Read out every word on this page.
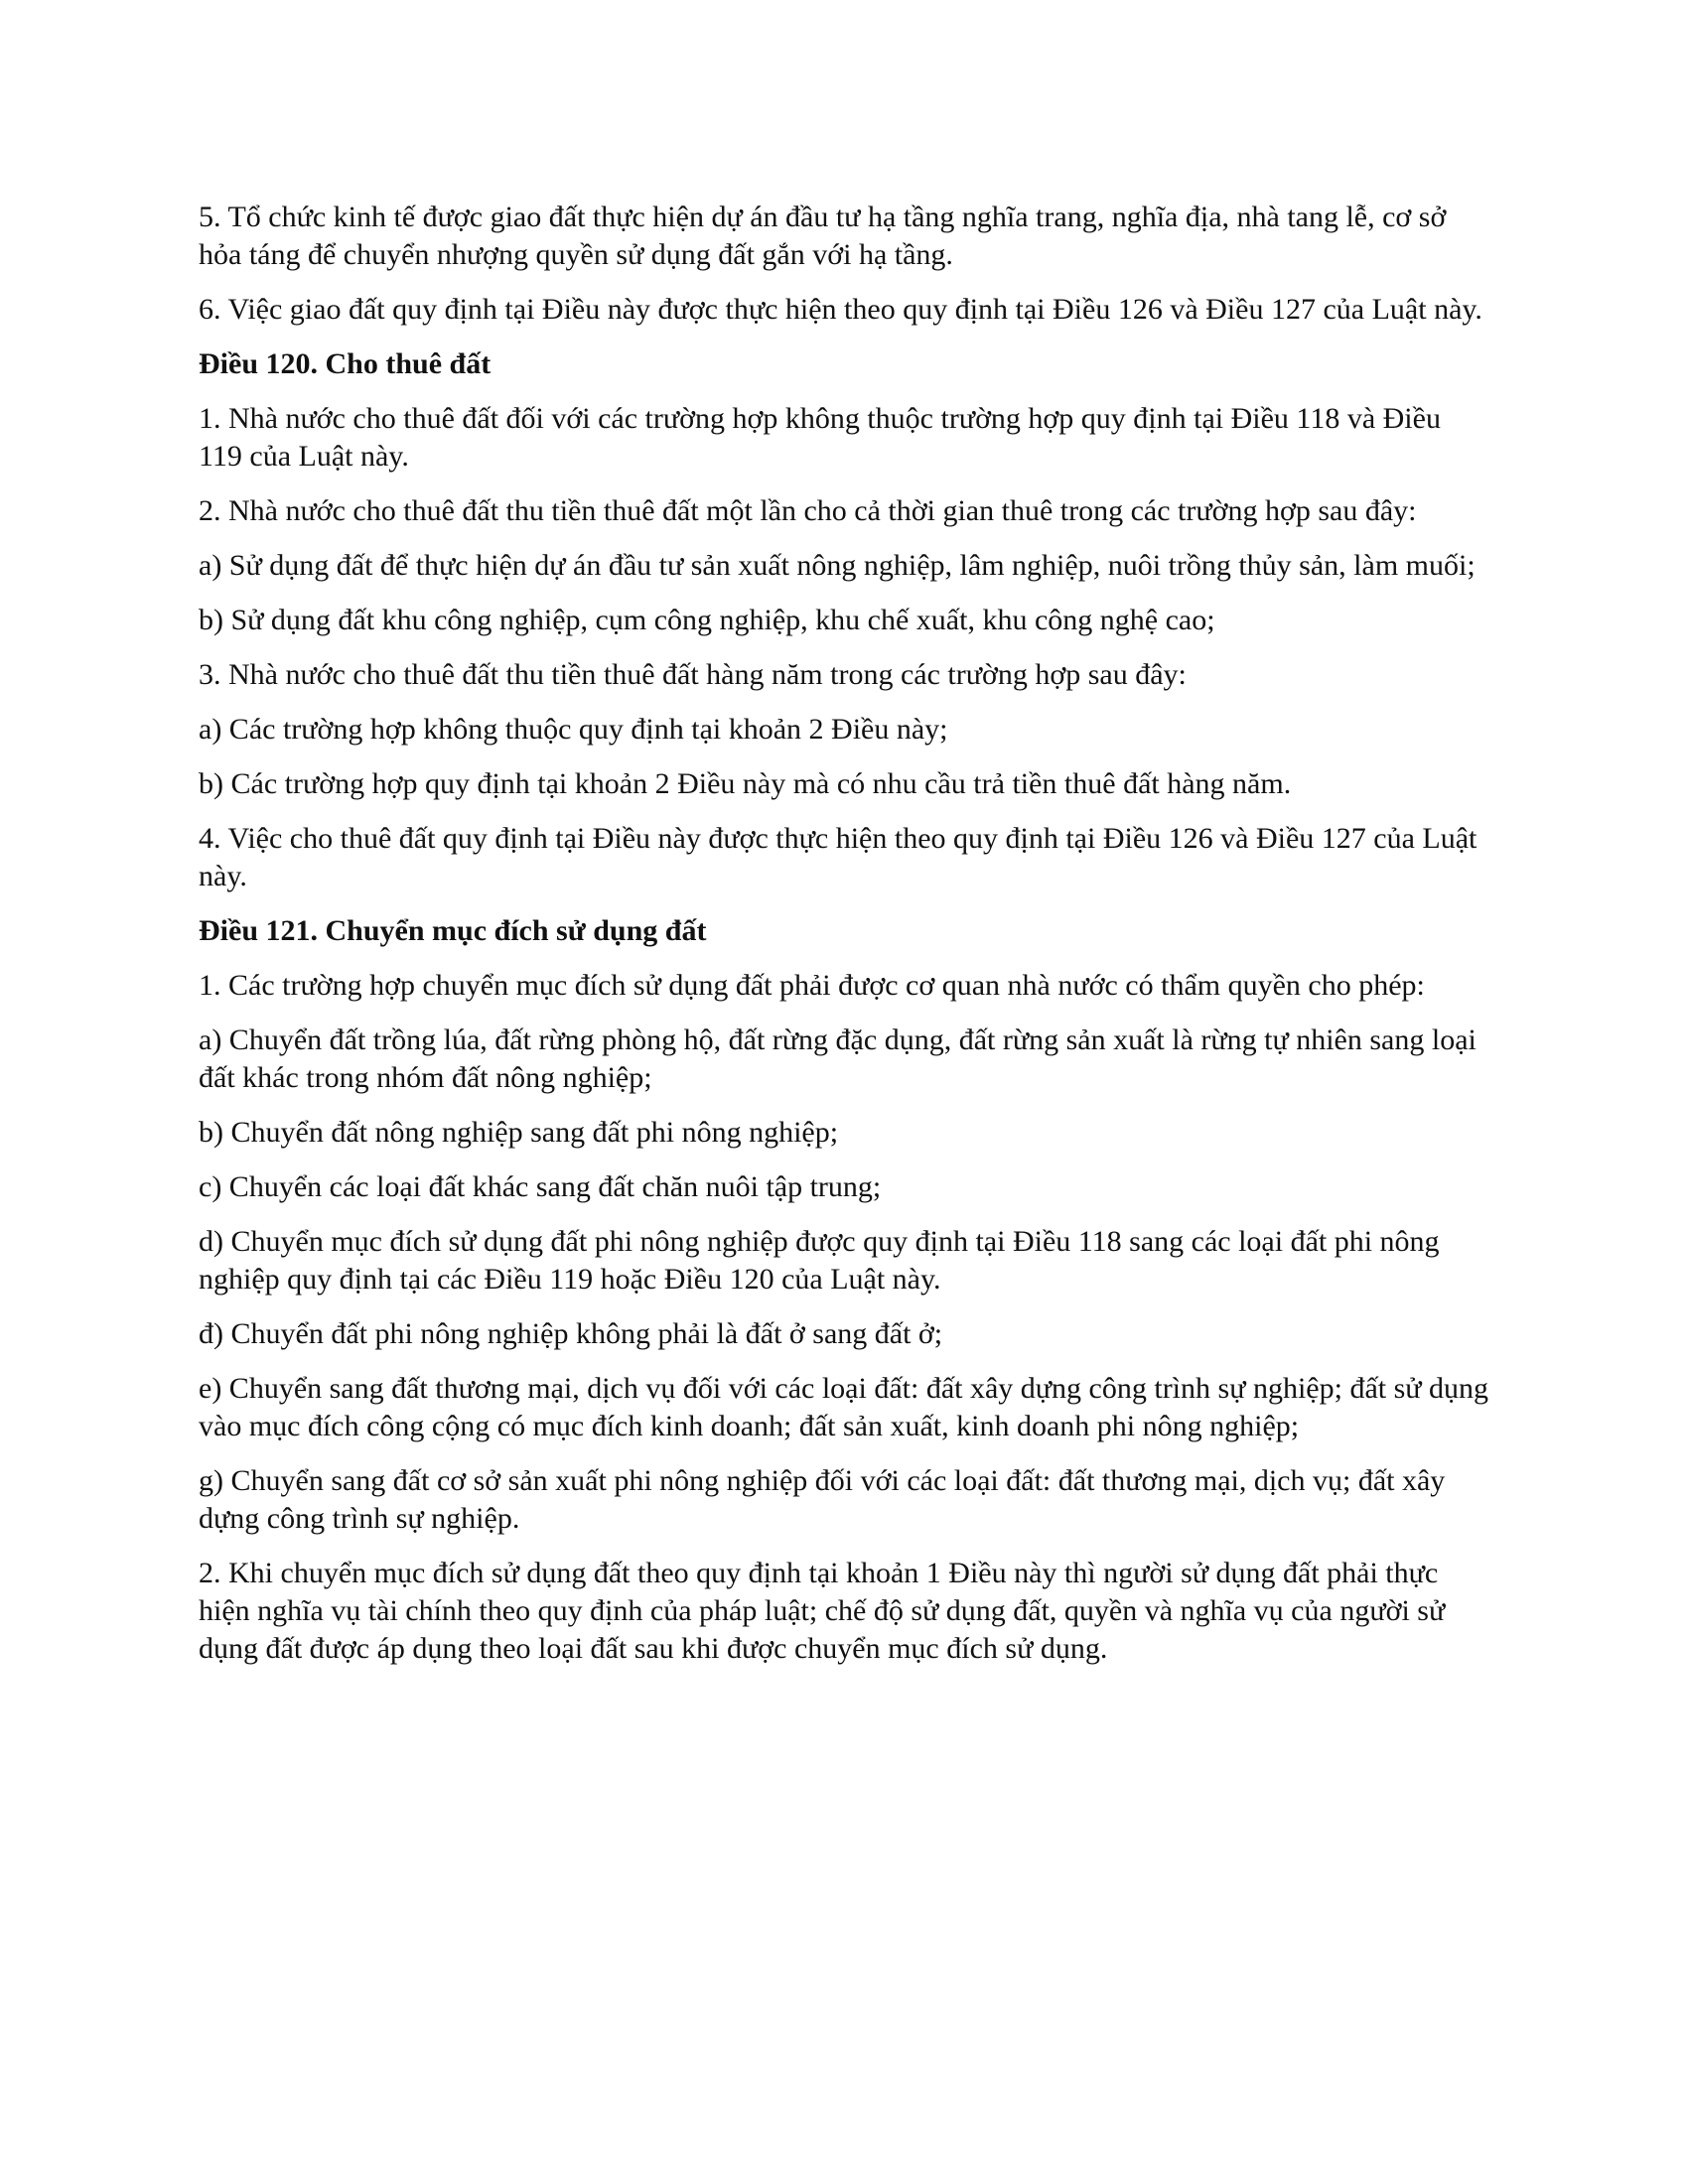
5. Tổ chức kinh tế được giao đất thực hiện dự án đầu tư hạ tầng nghĩa trang, nghĩa địa, nhà tang lễ, cơ sở hỏa táng để chuyển nhượng quyền sử dụng đất gắn với hạ tầng.

6. Việc giao đất quy định tại Điều này được thực hiện theo quy định tại Điều 126 và Điều 127 của Luật này.

Điều 120. Cho thuê đất

1. Nhà nước cho thuê đất đối với các trường hợp không thuộc trường hợp quy định tại Điều 118 và Điều 119 của Luật này.

2. Nhà nước cho thuê đất thu tiền thuê đất một lần cho cả thời gian thuê trong các trường hợp sau đây:

a) Sử dụng đất để thực hiện dự án đầu tư sản xuất nông nghiệp, lâm nghiệp, nuôi trồng thủy sản, làm muối;

b) Sử dụng đất khu công nghiệp, cụm công nghiệp, khu chế xuất, khu công nghệ cao;

3. Nhà nước cho thuê đất thu tiền thuê đất hàng năm trong các trường hợp sau đây:

a) Các trường hợp không thuộc quy định tại khoản 2 Điều này;

b) Các trường hợp quy định tại khoản 2 Điều này mà có nhu cầu trả tiền thuê đất hàng năm.

4. Việc cho thuê đất quy định tại Điều này được thực hiện theo quy định tại Điều 126 và Điều 127 của Luật này.

Điều 121. Chuyển mục đích sử dụng đất

1. Các trường hợp chuyển mục đích sử dụng đất phải được cơ quan nhà nước có thẩm quyền cho phép:

a) Chuyển đất trồng lúa, đất rừng phòng hộ, đất rừng đặc dụng, đất rừng sản xuất là rừng tự nhiên sang loại đất khác trong nhóm đất nông nghiệp;

b) Chuyển đất nông nghiệp sang đất phi nông nghiệp;

c) Chuyển các loại đất khác sang đất chăn nuôi tập trung;

d) Chuyển mục đích sử dụng đất phi nông nghiệp được quy định tại Điều 118 sang các loại đất phi nông nghiệp quy định tại các Điều 119 hoặc Điều 120 của Luật này.

đ) Chuyển đất phi nông nghiệp không phải là đất ở sang đất ở;

e) Chuyển sang đất thương mại, dịch vụ đối với các loại đất: đất xây dựng công trình sự nghiệp; đất sử dụng vào mục đích công cộng có mục đích kinh doanh; đất sản xuất, kinh doanh phi nông nghiệp;

g) Chuyển sang đất cơ sở sản xuất phi nông nghiệp đối với các loại đất: đất thương mại, dịch vụ; đất xây dựng công trình sự nghiệp.

2. Khi chuyển mục đích sử dụng đất theo quy định tại khoản 1 Điều này thì người sử dụng đất phải thực hiện nghĩa vụ tài chính theo quy định của pháp luật; chế độ sử dụng đất, quyền và nghĩa vụ của người sử dụng đất được áp dụng theo loại đất sau khi được chuyển mục đích sử dụng.
